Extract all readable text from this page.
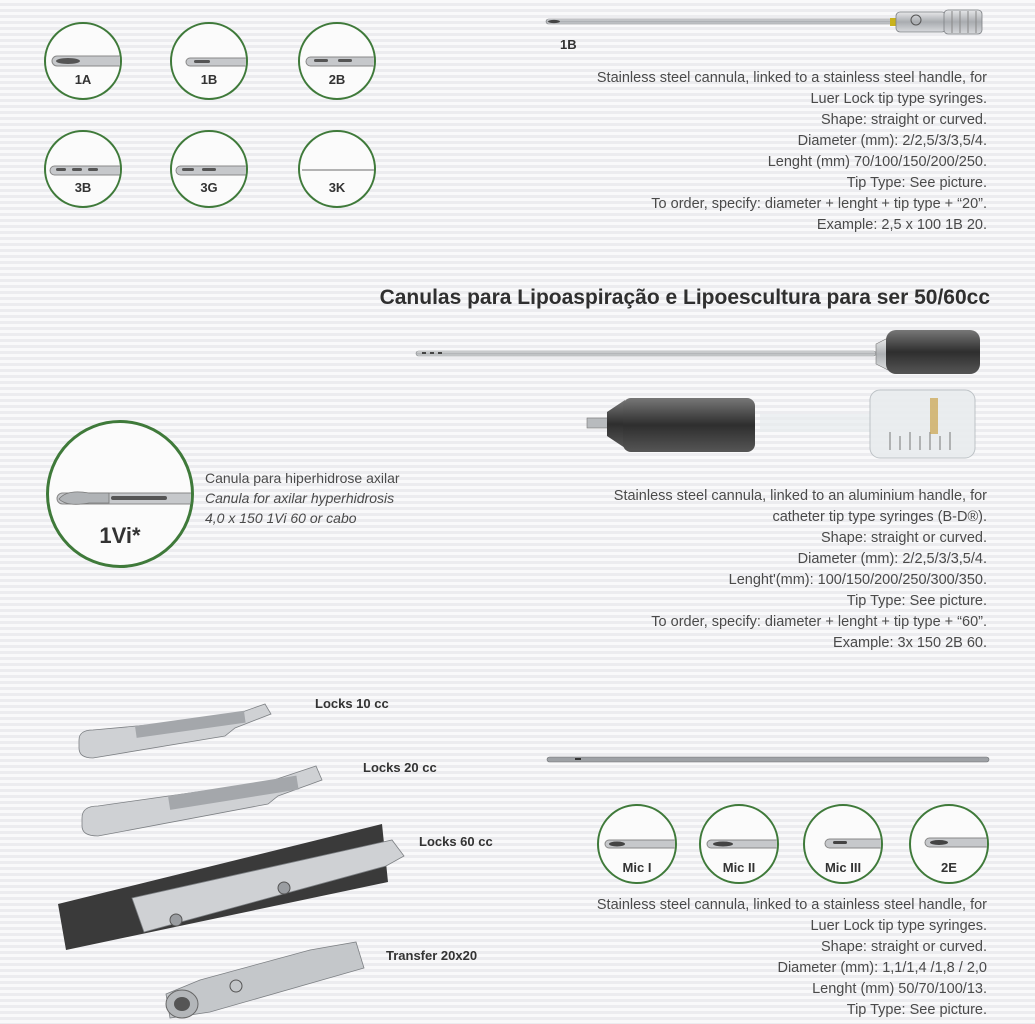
1A	1B	2B
3B	3G	3K
1B
Stainless steel cannula, linked to a stainless steel handle, for
Luer Lock tip type syringes.
Shape: straight or curved.
Diameter (mm): 2/2,5/3/3,5/4.
Lenght (mm) 70/100/150/200/250.
Tip Type: See picture.
To order, specify: diameter + lenght + tip type + “20”.
Example: 2,5 x 100 1B 20.
Canulas para Lipoaspiração e Lipoescultura para ser 50/60cc
Stainless steel cannula, linked to an aluminium handle, for
catheter tip type syringes (B-D®).
Shape: straight or curved.
Diameter (mm): 2/2,5/3/3,5/4.
Lenght'(mm): 100/150/200/250/300/350.
Tip Type: See picture.
To order, specify: diameter + lenght + tip type + “60”.
Example: 3x 150 2B 60.
1Vi*
Canula para hiperhidrose axilar
Canula for axilar hyperhidrosis
4,0 x 150 1Vi 60 or cabo
Locks 10 cc
Locks 20 cc
Locks 60 cc
Transfer 20x20
Mic I	Mic II	Mic III	2E
Stainless steel cannula, linked to a stainless steel handle, for
Luer Lock tip type syringes.
Shape: straight or curved.
Diameter (mm): 1,1/1,4 /1,8 / 2,0
Lenght (mm) 50/70/100/13.
Tip Type: See picture.
